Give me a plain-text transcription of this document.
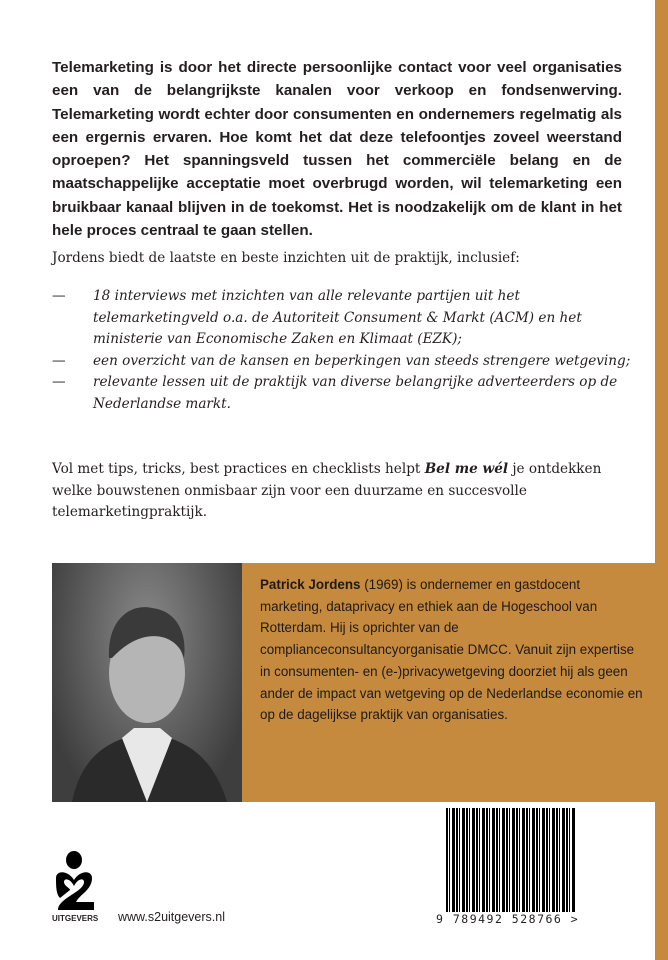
Telemarketing is door het directe persoonlijke contact voor veel organisaties een van de belangrijkste kanalen voor verkoop en fondsenwerving. Telemarketing wordt echter door consumenten en ondernemers regelmatig als een ergernis ervaren. Hoe komt het dat deze telefoontjes zoveel weerstand oproepen? Het spanningsveld tussen het commerciële belang en de maatschappelijke acceptatie moet overbrugd worden, wil telemarketing een bruikbaar kanaal blijven in de toekomst. Het is noodzakelijk om de klant in het hele proces centraal te gaan stellen.

Jordens biedt de laatste en beste inzichten uit de praktijk, inclusief:

— 18 interviews met inzichten van alle relevante partijen uit het telemarketingveld o.a. de Autoriteit Consument & Markt (ACM) en het ministerie van Economische Zaken en Klimaat (EZK);
— een overzicht van de kansen en beperkingen van steeds strengere wetgeving;
— relevante lessen uit de praktijk van diverse belangrijke adverteerders op de Nederlandse markt.

Vol met tips, tricks, best practices en checklists helpt Bel me wél je ontdekken welke bouwstenen onmisbaar zijn voor een duurzame en succesvolle telemarketingpraktijk.

Patrick Jordens (1969) is ondernemer en gastdocent marketing, dataprivacy en ethiek aan de Hogeschool van Rotterdam. Hij is oprichter van de complianceconsultancyorganisatie DMCC. Vanuit zijn expertise in consumenten- en (e-)privacywetgeving doorziet hij als geen ander de impact van wetgeving op de Nederlandse economie en op de dagelijkse praktijk van organisaties.

UITGEVERS www.s2uitgevers.nl	9 789492 528766 >
